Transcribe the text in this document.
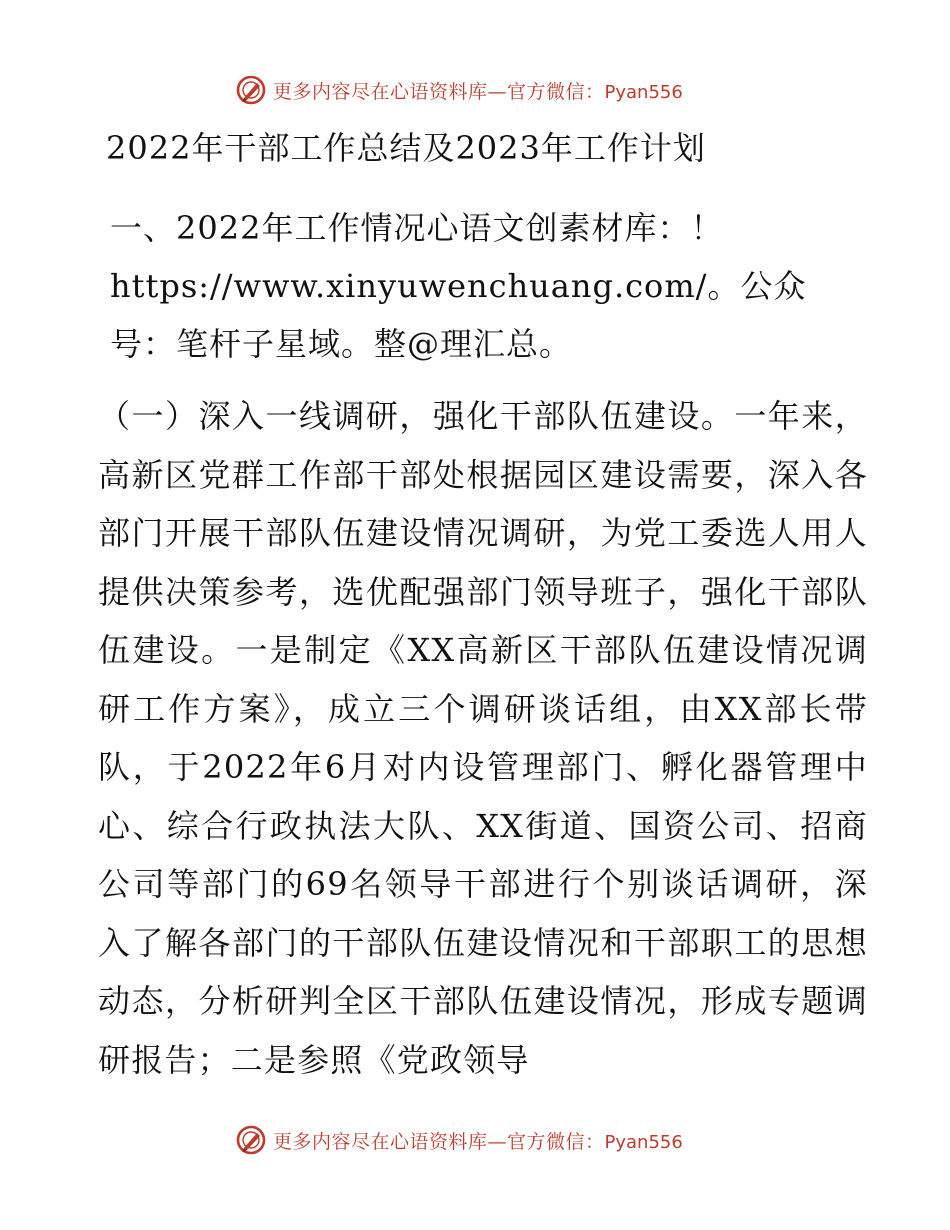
更多内容尽在心语资料库—官方微信：Pyan556
2022年干部工作总结及2023年工作计划

一、2022年工作情况心语文创素材库：！https://www.xinyuwenchuang.com/。公众号：笔杆子星域。整@理汇总。

（一）深入一线调研，强化干部队伍建设。一年来，高新区党群工作部干部处根据园区建设需要，深入各部门开展干部队伍建设情况调研，为党工委选人用人提供决策参考，选优配强部门领导班子，强化干部队伍建设。一是制定《XX高新区干部队伍建设情况调研工作方案》，成立三个调研谈话组，由XX部长带队，于2022年6月对内设管理部门、孵化器管理中心、综合行政执法大队、XX街道、国资公司、招商公司等部门的69名领导干部进行个别谈话调研，深入了解各部门的干部队伍建设情况和干部职工的思想动态，分析研判全区干部队伍建设情况，形成专题调研报告；二是参照《党政领导

更多内容尽在心语资料库—官方微信：Pyan556
